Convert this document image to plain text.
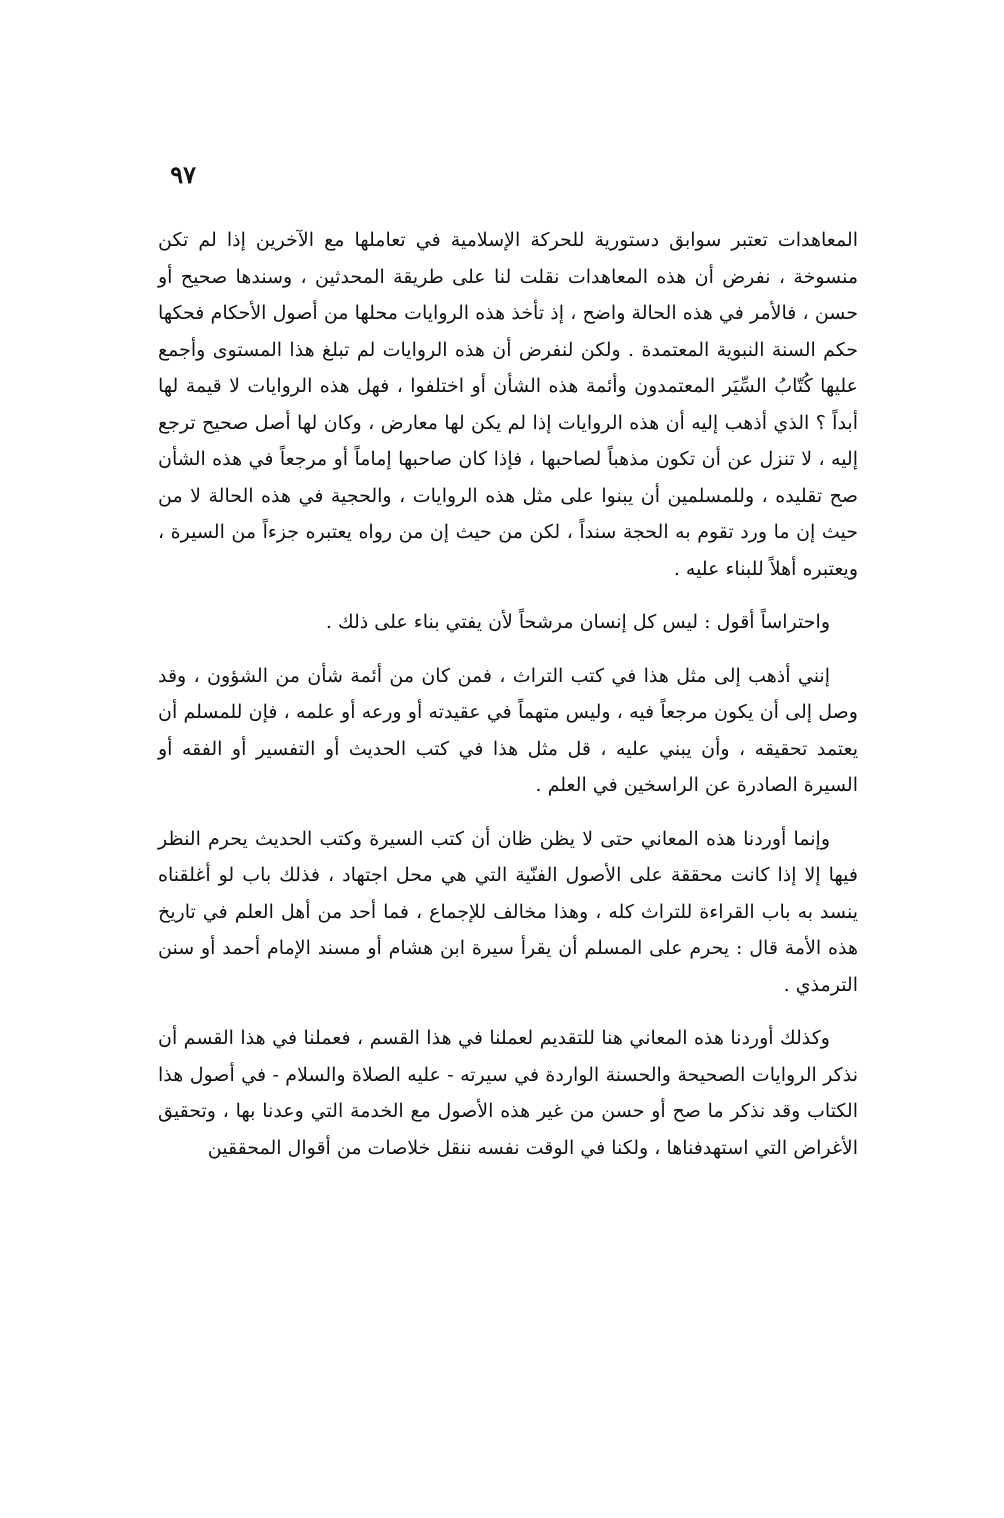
٩٧

المعاهدات تعتبر سوابق دستورية للحركة الإسلامية في تعاملها مع الآخرين إذا لم تكن منسوخة ، نفرض أن هذه المعاهدات نقلت لنا على طريقة المحدثين ، وسندها صحيح أو حسن ، فالأمر في هذه الحالة واضح ، إذ تأخذ هذه الروايات محلها من أصول الأحكام فحكها حكم السنة النبوية المعتمدة . ولكن لنفرض أن هذه الروايات لم تبلغ هذا المستوى وأجمع عليها كُتّابُ السِّيَر المعتمدون وأئمة هذه الشأن أو اختلفوا ، فهل هذه الروايات لا قيمة لها أبداً ؟ الذي أذهب إليه أن هذه الروايات إذا لم يكن لها معارض ، وكان لها أصل صحيح ترجع إليه ، لا تنزل عن أن تكون مذهباً لصاحبها ، فإذا كان صاحبها إماماً أو مرجعاً في هذه الشأن صح تقليده ، وللمسلمين أن يبنوا على مثل هذه الروايات ، والحجية في هذه الحالة لا من حيث إن ما ورد تقوم به الحجة سنداً ، لكن من حيث إن من رواه يعتبره جزءاً من السيرة ، ويعتبره أهلاً للبناء عليه .

واحتراساً أقول : ليس كل إنسان مرشحاً لأن يفتي بناء على ذلك .

إنني أذهب إلى مثل هذا في كتب التراث ، فمن كان من أئمة شأن من الشؤون ، وقد وصل إلى أن يكون مرجعاً فيه ، وليس متهماً في عقيدته أو ورعه أو علمه ، فإن للمسلم أن يعتمد تحقيقه ، وأن يبني عليه ، قل مثل هذا في كتب الحديث أو التفسير أو الفقه أو السيرة الصادرة عن الراسخين في العلم .

وإنما أوردنا هذه المعاني حتى لا يظن ظان أن كتب السيرة وكتب الحديث يحرم النظر فيها إلا إذا كانت محققة على الأصول الفنّية التي هي محل اجتهاد ، فذلك باب لو أغلقناه ينسد به باب القراءة للتراث كله ، وهذا مخالف للإجماع ، فما أحد من أهل العلم في تاريخ هذه الأمة قال : يحرم على المسلم أن يقرأ سيرة ابن هشام أو مسند الإمام أحمد أو سنن الترمذي .

وكذلك أوردنا هذه المعاني هنا للتقديم لعملنا في هذا القسم ، فعملنا في هذا القسم أن نذكر الروايات الصحيحة والحسنة الواردة في سيرته - عليه الصلاة والسلام - في أصول هذا الكتاب وقد نذكر ما صح أو حسن من غير هذه الأصول مع الخدمة التي وعدنا بها ، وتحقيق الأغراض التي استهدفناها ، ولكنا في الوقت نفسه ننقل خلاصات من أقوال المحققين
